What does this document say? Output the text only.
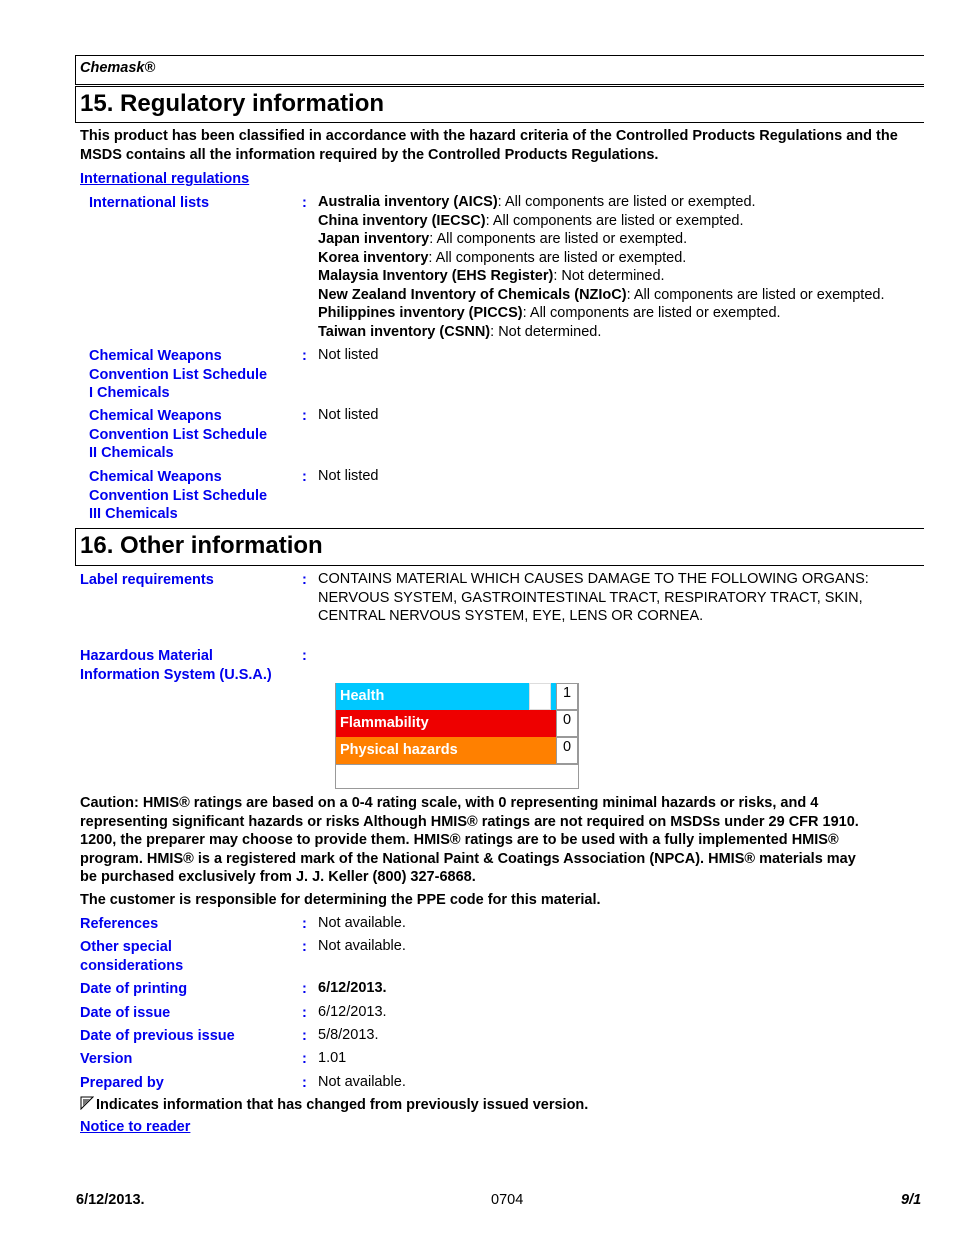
Chemask®
15. Regulatory information
This product has been classified in accordance with the hazard criteria of the Controlled Products Regulations and the MSDS contains all the information required by the Controlled Products Regulations.
International regulations
International lists	: Australia inventory (AICS): All components are listed or exempted.
China inventory (IECSC): All components are listed or exempted.
Japan inventory: All components are listed or exempted.
Korea inventory: All components are listed or exempted.
Malaysia Inventory (EHS Register): Not determined.
New Zealand Inventory of Chemicals (NZIoC): All components are listed or exempted.
Philippines inventory (PICCS): All components are listed or exempted.
Taiwan inventory (CSNN): Not determined.
Chemical Weapons
Convention List Schedule
I Chemicals
: Not listed
Chemical Weapons
Convention List Schedule
II Chemicals
: Not listed
Chemical Weapons
Convention List Schedule
III Chemicals
: Not listed
16. Other information
Label requirements	: CONTAINS MATERIAL WHICH CAUSES DAMAGE TO THE FOLLOWING ORGANS:
NERVOUS SYSTEM, GASTROINTESTINAL TRACT, RESPIRATORY TRACT, SKIN,
CENTRAL NERVOUS SYSTEM, EYE, LENS OR CORNEA.
Hazardous Material
Information System (U.S.A.)
:
Health	1
Flammability	0
Physical hazards	0
Caution: HMIS® ratings are based on a 0-4 rating scale, with 0 representing minimal hazards or risks, and 4
representing significant hazards or risks Although HMIS® ratings are not required on MSDSs under 29 CFR 1910.
1200, the preparer may choose to provide them. HMIS® ratings are to be used with a fully implemented HMIS®
program. HMIS® is a registered mark of the National Paint & Coatings Association (NPCA). HMIS® materials may
be purchased exclusively from J. J. Keller (800) 327-6868.
The customer is responsible for determining the PPE code for this material.
References	: Not available.
Other special
considerations
: Not available.
Date of printing	: 6/12/2013.
Date of issue	: 6/12/2013.
Date of previous issue	: 5/8/2013.
Version	: 1.01
Prepared by	: Not available.
Indicates information that has changed from previously issued version.
Notice to reader
6/12/2013.	0704	9/1
